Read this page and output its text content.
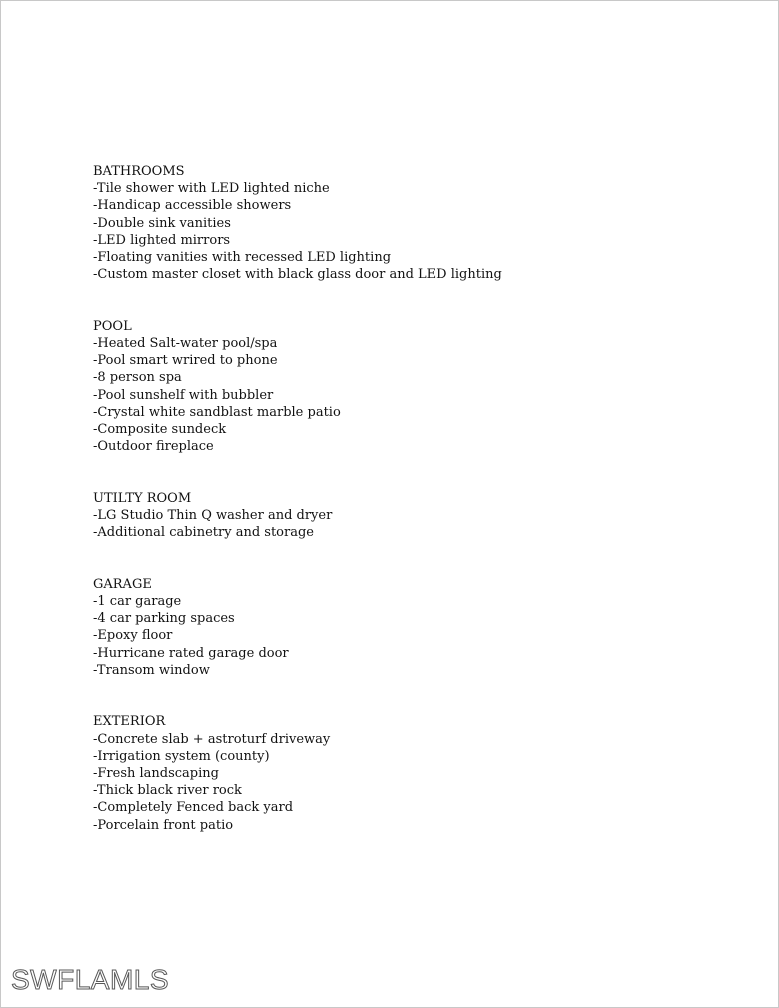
BATHROOMS
-Tile shower with LED lighted niche
-Handicap accessible showers
-Double sink vanities
-LED lighted mirrors
-Floating vanities with recessed LED lighting
-Custom master closet with black glass door and LED lighting
POOL
-Heated Salt-water pool/spa
-Pool smart wrired to phone
-8 person spa
-Pool sunshelf with bubbler
-Crystal white sandblast marble patio
-Composite sundeck
-Outdoor fireplace
UTILTY ROOM
-LG Studio Thin Q washer and dryer
-Additional cabinetry and storage
GARAGE
-1 car garage
-4 car parking spaces
-Epoxy floor
-Hurricane rated garage door
-Transom window
EXTERIOR
-Concrete slab + astroturf driveway
-Irrigation system (county)
-Fresh landscaping
-Thick black river rock
-Completely Fenced back yard
-Porcelain front patio
SWFLAMLS
